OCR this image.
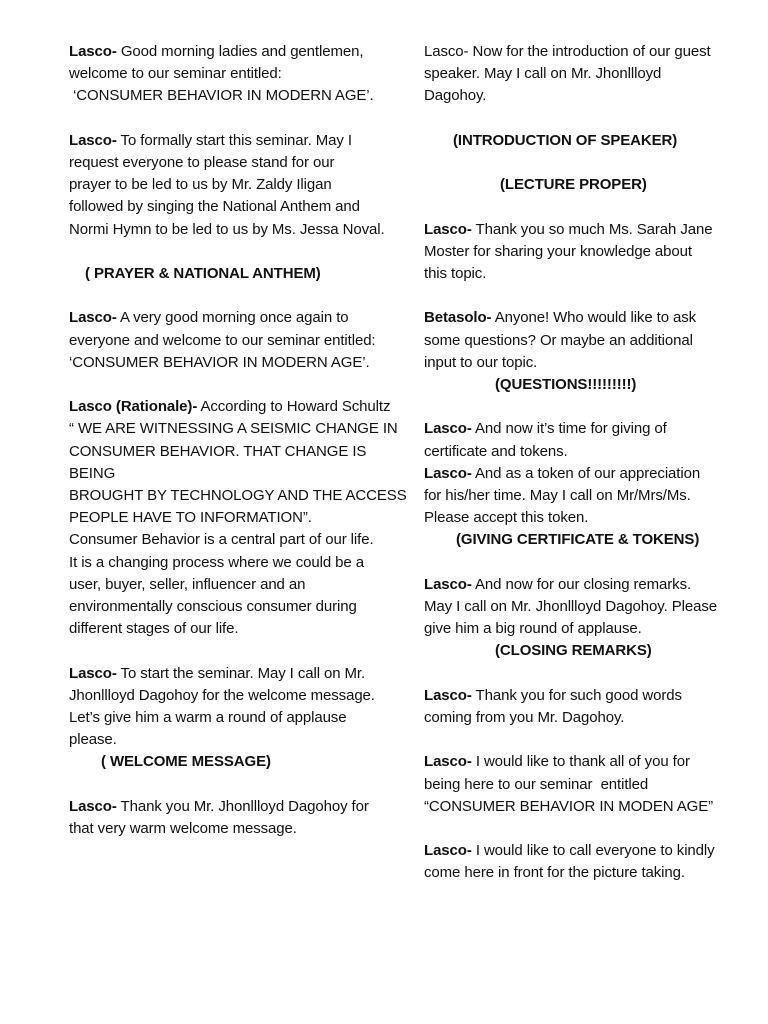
Lasco- Good morning ladies and gentlemen,
welcome to our seminar entitled:
‘CONSUMER BEHAVIOR IN MODERN AGE’.

Lasco- To formally start this seminar. May I
request everyone to please stand for our
prayer to be led to us by Mr. Zaldy Iligan
followed by singing the National Anthem and
Normi Hymn to be led to us by Ms. Jessa Noval.

( PRAYER & NATIONAL ANTHEM)

Lasco- A very good morning once again to
everyone and welcome to our seminar entitled:
‘CONSUMER BEHAVIOR IN MODERN AGE’.

Lasco (Rationale)- According to Howard Schultz
“ WE ARE WITNESSING A SEISMIC CHANGE IN
CONSUMER BEHAVIOR. THAT CHANGE IS BEING
BROUGHT BY TECHNOLOGY AND THE ACCESS
PEOPLE HAVE TO INFORMATION”.
Consumer Behavior is a central part of our life.
It is a changing process where we could be a
user, buyer, seller, influencer and an
environmentally conscious consumer during
different stages of our life.

Lasco- To start the seminar. May I call on Mr.
Jhonllloyd Dagohoy for the welcome message.
Let’s give him a warm a round of applause
please.

( WELCOME MESSAGE)

Lasco- Thank you Mr. Jhonllloyd Dagohoy for
that very warm welcome message.

Lasco- Now for the introduction of our guest
speaker. May I call on Mr. Jhonllloyd
Dagohoy.

(INTRODUCTION OF SPEAKER)

(LECTURE PROPER)

Lasco- Thank you so much Ms. Sarah Jane
Moster for sharing your knowledge about
this topic.

Betasolo- Anyone! Who would like to ask
some questions? Or maybe an additional
input to our topic.

(QUESTIONS!!!!!!!!!)

Lasco- And now it’s time for giving of
certificate and tokens.

Lasco- And as a token of our appreciation
for his/her time. May I call on Mr/Mrs/Ms.
Please accept this token.

(GIVING CERTIFICATE & TOKENS)

Lasco- And now for our closing remarks.
May I call on Mr. Jhonllloyd Dagohoy. Please
give him a big round of applause.

(CLOSING REMARKS)

Lasco- Thank you for such good words
coming from you Mr. Dagohoy.

Lasco- I would like to thank all of you for
being here to our seminar  entitled
“CONSUMER BEHAVIOR IN MODEN AGE”

Lasco- I would like to call everyone to kindly
come here in front for the picture taking.
